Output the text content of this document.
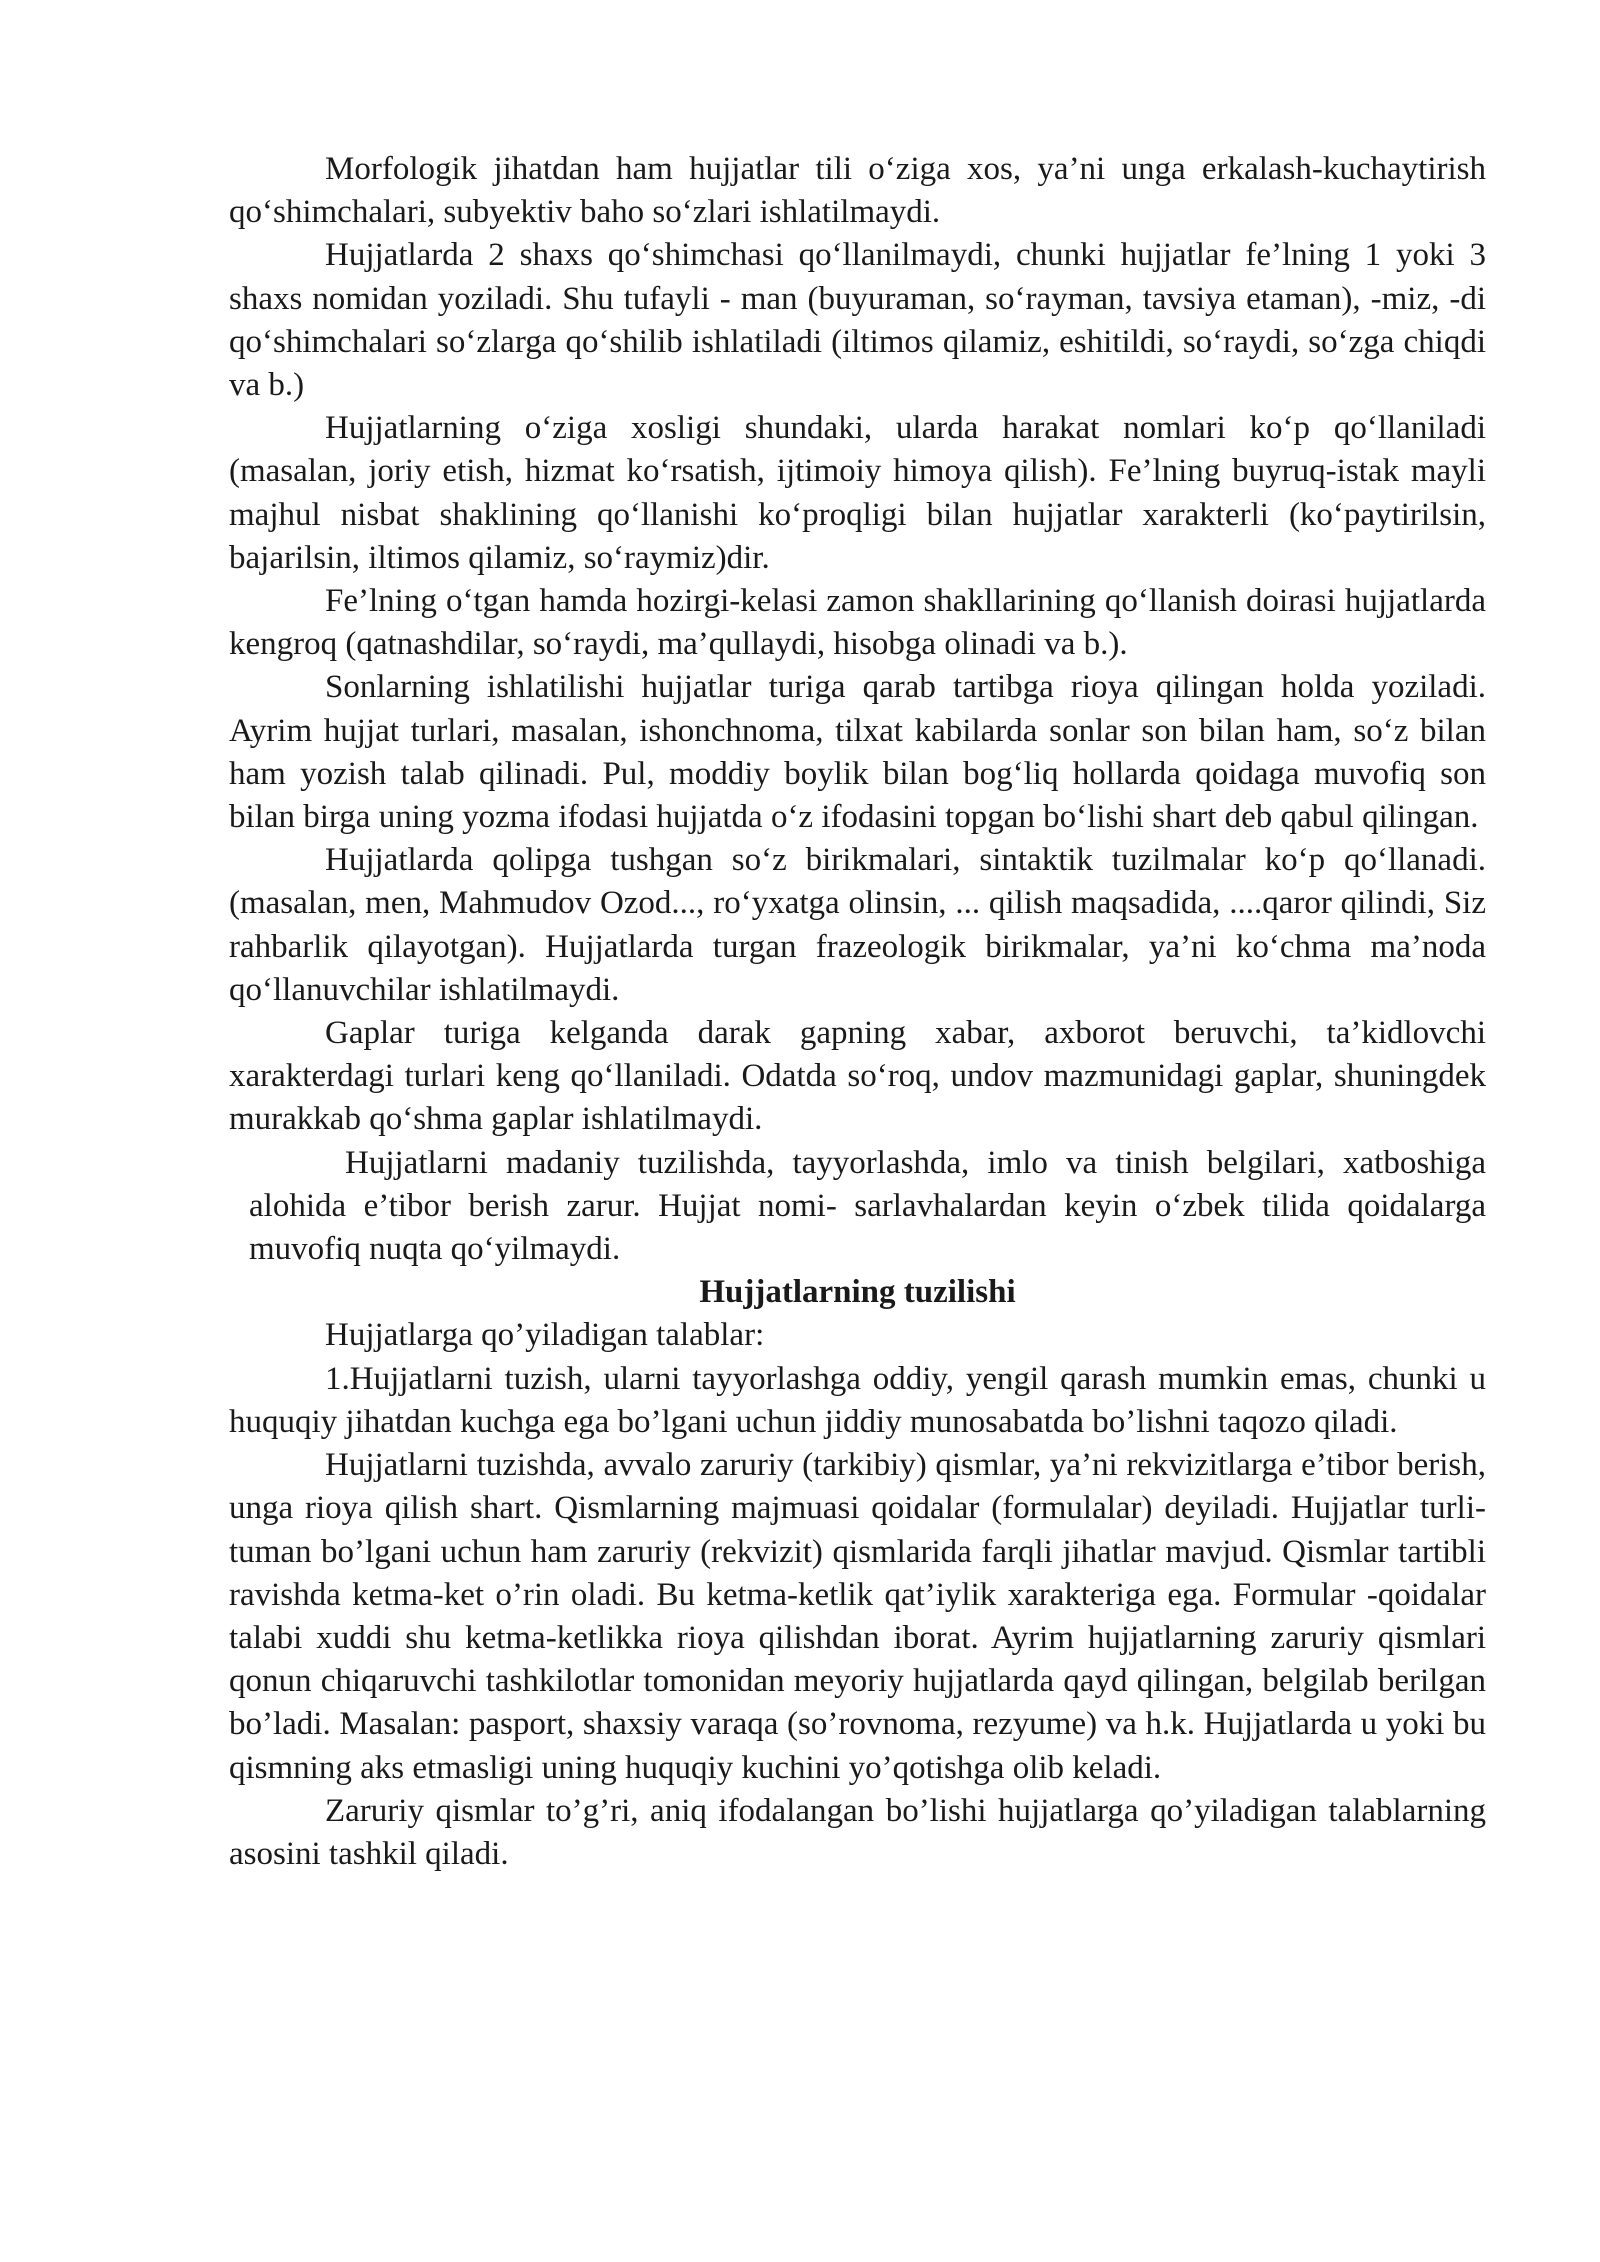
Morfologik jihatdan ham hujjatlar tili o‘ziga xos, ya’ni unga erkalash-kuchaytirish qo‘shimchalari, subyektiv baho so‘zlari ishlatilmaydi.

Hujjatlarda 2 shaxs qo‘shimchasi qo‘llanilmaydi, chunki hujjatlar fe’lning 1 yoki 3 shaxs nomidan yoziladi. Shu tufayli - man (buyuraman, so‘rayman, tavsiya etaman), -miz, -di qo‘shimchalari so‘zlarga qo‘shilib ishlatiladi (iltimos qilamiz, eshitildi, so‘raydi, so‘zga chiqdi va b.)

Hujjatlarning o‘ziga xosligi shundaki, ularda harakat nomlari ko‘p qo‘llaniladi (masalan, joriy etish, hizmat ko‘rsatish, ijtimoiy himoya qilish). Fe’lning buyruq-istak mayli majhul nisbat shaklining qo‘llanishi ko‘proqligi bilan hujjatlar xarakterli (ko‘paytirilsin, bajarilsin, iltimos qilamiz, so‘raymiz)dir.

Fe’lning o‘tgan hamda hozirgi-kelasi zamon shakllarining qo‘llanish doirasi hujjatlarda kengroq (qatnashdilar, so‘raydi, ma’qullaydi, hisobga olinadi va b.).

Sonlarning ishlatilishi hujjatlar turiga qarab tartibga rioya qilingan holda yoziladi. Ayrim hujjat turlari, masalan, ishonchnoma, tilxat kabilarda sonlar son bilan ham, so‘z bilan ham yozish talab qilinadi. Pul, moddiy boylik bilan bog‘liq hollarda qoidaga muvofiq son bilan birga uning yozma ifodasi hujjatda o‘z ifodasini topgan bo‘lishi shart deb qabul qilingan.

Hujjatlarda qolipga tushgan so‘z birikmalari, sintaktik tuzilmalar ko‘p qo‘llanadi. (masalan, men, Mahmudov Ozod..., ro‘yxatga olinsin, ... qilish maqsadida, ....qaror qilindi, Siz rahbarlik qilayotgan). Hujjatlarda turgan frazeologik birikmalar, ya’ni ko‘chma ma’noda qo‘llanuvchilar ishlatilmaydi.

Gaplar turiga kelganda darak gapning xabar, axborot beruvchi, ta’kidlovchi xarakterdagi turlari keng qo‘llaniladi. Odatda so‘roq, undov mazmunidagi gaplar, shuningdek murakkab qo‘shma gaplar ishlatilmaydi.

Hujjatlarni madaniy tuzilishda, tayyorlashda, imlo va tinish belgilari, xatboshiga alohida e’tibor berish zarur. Hujjat nomi- sarlavhalardan keyin o‘zbek tilida qoidalarga muvofiq nuqta qo‘yilmaydi.

Hujjatlarning tuzilishi

Hujjatlarga qo’yiladigan talablar:

1.Hujjatlarni tuzish, ularni tayyorlashga oddiy, yengil qarash mumkin emas, chunki u huquqiy jihatdan kuchga ega bo’lgani uchun jiddiy munosabatda bo’lishni taqozo qiladi.

Hujjatlarni tuzishda, avvalo zaruriy (tarkibiy) qismlar, ya’ni rekvizitlarga e’tibor berish, unga rioya qilish shart. Qismlarning majmuasi qoidalar (formulalar) deyiladi. Hujjatlar turli-tuman bo’lgani uchun ham zaruriy (rekvizit) qismlarida farqli jihatlar mavjud. Qismlar tartibli ravishda ketma-ket o’rin oladi. Bu ketma-ketlik qat’iylik xarakteriga ega. Formular -qoidalar talabi xuddi shu ketma-ketlikka rioya qilishdan iborat. Ayrim hujjatlarning zaruriy qismlari qonun chiqaruvchi tashkilotlar tomonidan meyoriy hujjatlarda qayd qilingan, belgilab berilgan bo’ladi. Masalan: pasport, shaxsiy varaqa (so’rovnoma, rezyume) va h.k. Hujjatlarda u yoki bu qismning aks etmasligi uning huquqiy kuchini yo’qotishga olib keladi.

Zaruriy qismlar to’g’ri, aniq ifodalangan bo’lishi hujjatlarga qo’yiladigan talablarning asosini tashkil qiladi.
